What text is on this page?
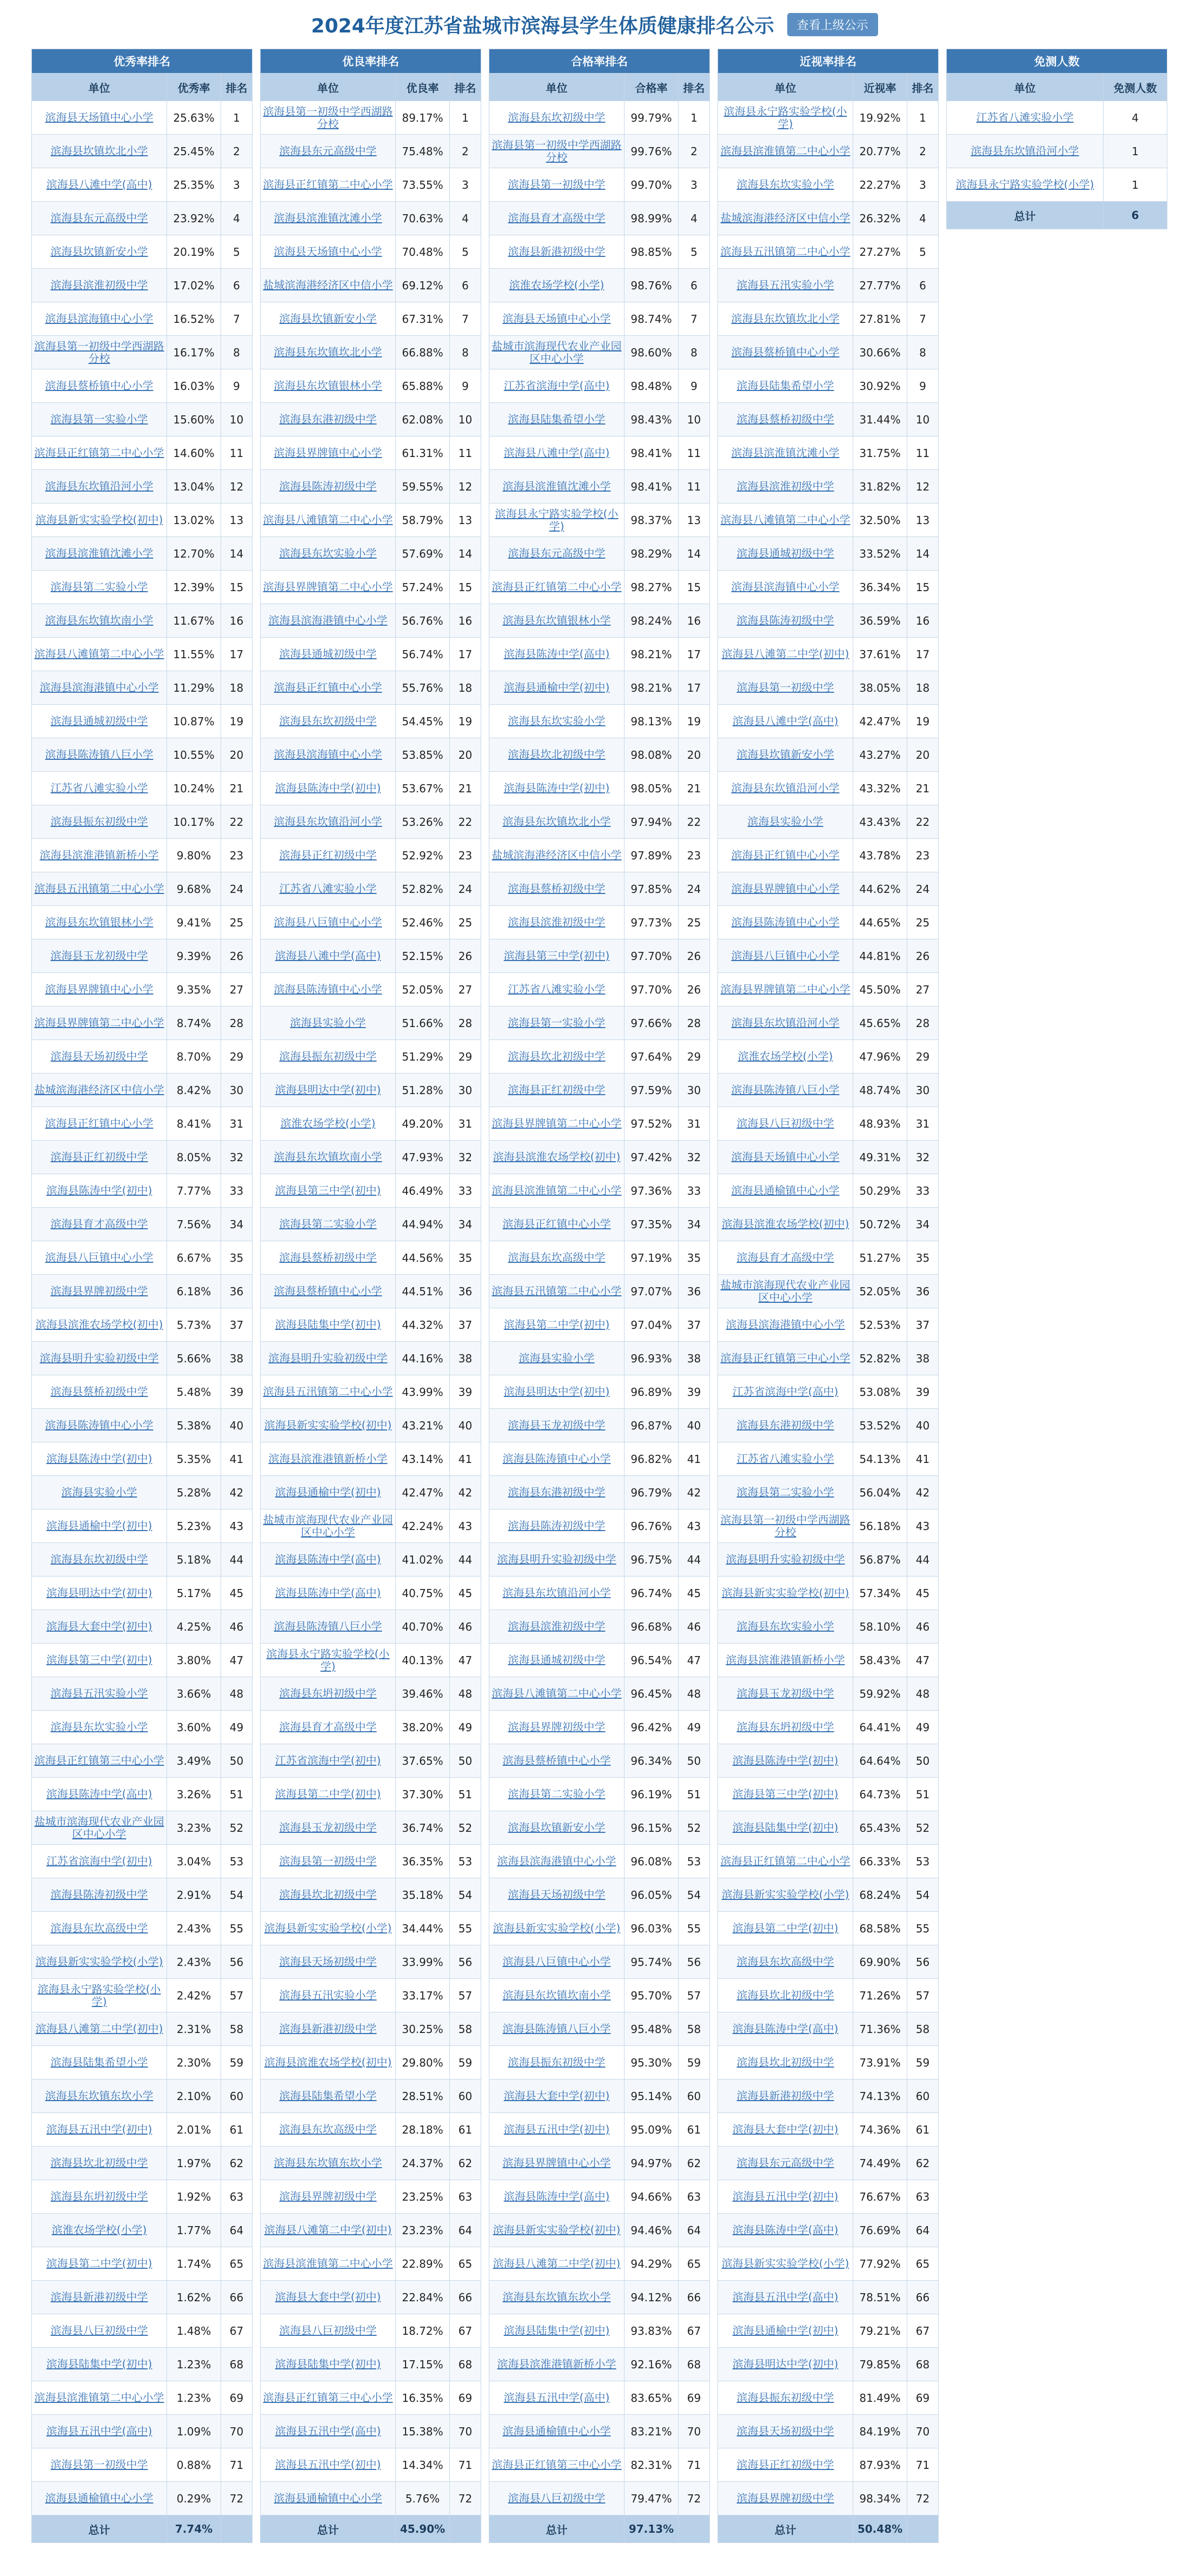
2024年度江苏省盐城市滨海县学生体质健康排名公示	查看上级公示
优秀率排名		
单位	优秀率	排名
滨海县天场镇中心小学	25.63%	1
滨海县坎镇坎北小学	25.45%	2
滨海县八滩中学(高中)	25.35%	3
滨海县东元高级中学	23.92%	4
滨海县坎镇新安小学	20.19%	5
滨海县滨淮初级中学	17.02%	6
滨海县滨海镇中心小学	16.52%	7
滨海县第一初级中学西湖路分校	16.17%	8
滨海县蔡桥镇中心小学	16.03%	9
滨海县第一实验小学	15.60%	10
滨海县正红镇第二中心小学	14.60%	11
滨海县东坎镇沿河小学	13.04%	12
滨海县新实实验学校(初中)	13.02%	13
滨海县滨淮镇沈滩小学	12.70%	14
滨海县第二实验小学	12.39%	15
滨海县东坎镇坎南小学	11.67%	16
滨海县八滩镇第二中心小学	11.55%	17
滨海县滨海港镇中心小学	11.29%	18
滨海县通城初级中学	10.87%	19
滨海县陈涛镇八巨小学	10.55%	20
江苏省八滩实验小学	10.24%	21
滨海县振东初级中学	10.17%	22
滨海县滨淮港镇新桥小学	9.80%	23
滨海县五汛镇第二中心小学	9.68%	24
滨海县东坎镇银林小学	9.41%	25
滨海县玉龙初级中学	9.39%	26
滨海县界牌镇中心小学	9.35%	27
滨海县界牌镇第二中心小学	8.74%	28
滨海县天场初级中学	8.70%	29
盐城滨海港经济区中信小学	8.42%	30
滨海县正红镇中心小学	8.41%	31
滨海县正红初级中学	8.05%	32
滨海县陈涛中学(初中)	7.77%	33
滨海县育才高级中学	7.56%	34
滨海县八巨镇中心小学	6.67%	35
滨海县界牌初级中学	6.18%	36
滨海县滨淮农场学校(初中)	5.73%	37
滨海县明升实验初级中学	5.66%	38
滨海县蔡桥初级中学	5.48%	39
滨海县陈涛镇中心小学	5.38%	40
滨海县陈涛中学(初中)	5.35%	41
滨海县实验小学	5.28%	42
滨海县通榆中学(初中)	5.23%	43
滨海县东坎初级中学	5.18%	44
滨海县明达中学(初中)	5.17%	45
滨海县大套中学(初中)	4.25%	46
滨海县第三中学(初中)	3.80%	47
滨海县五汛实验小学	3.66%	48
滨海县东坎实验小学	3.60%	49
滨海县正红镇第三中心小学	3.49%	50
滨海县陈涛中学(高中)	3.26%	51
盐城市滨海现代农业产业园区中心小学	3.23%	52
江苏省滨海中学(初中)	3.04%	53
滨海县陈涛初级中学	2.91%	54
滨海县东坎高级中学	2.43%	55
滨海县新实实验学校(小学)	2.43%	56
滨海县永宁路实验学校(小学)	2.42%	57
滨海县八滩第二中学(初中)	2.31%	58
滨海县陆集希望小学	2.30%	59
滨海县东坎镇东坎小学	2.10%	60
滨海县五汛中学(初中)	2.01%	61
滨海县坎北初级中学	1.97%	62
滨海县东坍初级中学	1.92%	63
滨淮农场学校(小学)	1.77%	64
滨海县第二中学(初中)	1.74%	65
滨海县新港初级中学	1.62%	66
滨海县八巨初级中学	1.48%	67
滨海县陆集中学(初中)	1.23%	68
滨海县滨淮镇第二中心小学	1.23%	69
滨海县五汛中学(高中)	1.09%	70
滨海县第一初级中学	0.88%	71
滨海县通榆镇中心小学	0.29%	72
总计	7.74%	
优良率排名		
单位	优良率	排名
滨海县第一初级中学西湖路分校	89.17%	1
滨海县东元高级中学	75.48%	2
滨海县正红镇第二中心小学	73.55%	3
滨海县滨淮镇沈滩小学	70.63%	4
滨海县天场镇中心小学	70.48%	5
盐城滨海港经济区中信小学	69.12%	6
滨海县坎镇新安小学	67.31%	7
滨海县东坎镇坎北小学	66.88%	8
滨海县东坎镇银林小学	65.88%	9
滨海县东港初级中学	62.08%	10
滨海县界牌镇中心小学	61.31%	11
滨海县陈涛初级中学	59.55%	12
滨海县八滩镇第二中心小学	58.79%	13
滨海县东坎实验小学	57.69%	14
滨海县界牌镇第二中心小学	57.24%	15
滨海县滨海港镇中心小学	56.76%	16
滨海县通城初级中学	56.74%	17
滨海县正红镇中心小学	55.76%	18
滨海县东坎初级中学	54.45%	19
滨海县滨海镇中心小学	53.85%	20
滨海县陈涛中学(初中)	53.67%	21
滨海县东坎镇沿河小学	53.26%	22
滨海县正红初级中学	52.92%	23
江苏省八滩实验小学	52.82%	24
滨海县八巨镇中心小学	52.46%	25
滨海县八滩中学(高中)	52.15%	26
滨海县陈涛镇中心小学	52.05%	27
滨海县实验小学	51.66%	28
滨海县振东初级中学	51.29%	29
滨海县明达中学(初中)	51.28%	30
滨淮农场学校(小学)	49.20%	31
滨海县东坎镇坎南小学	47.93%	32
滨海县第三中学(初中)	46.49%	33
滨海县第二实验小学	44.94%	34
滨海县蔡桥初级中学	44.56%	35
滨海县蔡桥镇中心小学	44.51%	36
滨海县陆集中学(初中)	44.32%	37
滨海县明升实验初级中学	44.16%	38
滨海县五汛镇第二中心小学	43.99%	39
滨海县新实实验学校(初中)	43.21%	40
滨海县滨淮港镇新桥小学	43.14%	41
滨海县通榆中学(初中)	42.47%	42
盐城市滨海现代农业产业园区中心小学	42.24%	43
滨海县陈涛中学(高中)	41.02%	44
滨海县陈涛中学(高中)	40.75%	45
滨海县陈涛镇八巨小学	40.70%	46
滨海县永宁路实验学校(小学)	40.13%	47
滨海县东坍初级中学	39.46%	48
滨海县育才高级中学	38.20%	49
江苏省滨海中学(初中)	37.65%	50
滨海县第二中学(初中)	37.30%	51
滨海县玉龙初级中学	36.74%	52
滨海县第一初级中学	36.35%	53
滨海县坎北初级中学	35.18%	54
滨海县新实实验学校(小学)	34.44%	55
滨海县天场初级中学	33.99%	56
滨海县五汛实验小学	33.17%	57
滨海县新港初级中学	30.25%	58
滨海县滨淮农场学校(初中)	29.80%	59
滨海县陆集希望小学	28.51%	60
滨海县东坎高级中学	28.18%	61
滨海县东坎镇东坎小学	24.37%	62
滨海县界牌初级中学	23.25%	63
滨海县八滩第二中学(初中)	23.23%	64
滨海县滨淮镇第二中心小学	22.89%	65
滨海县大套中学(初中)	22.84%	66
滨海县八巨初级中学	18.72%	67
滨海县陆集中学(初中)	17.15%	68
滨海县正红镇第三中心小学	16.35%	69
滨海县五汛中学(高中)	15.38%	70
滨海县五汛中学(初中)	14.34%	71
滨海县通榆镇中心小学	5.76%	72
总计	45.90%	
合格率排名		
单位	合格率	排名
滨海县东坎初级中学	99.79%	1
滨海县第一初级中学西湖路分校	99.76%	2
滨海县第一初级中学	99.70%	3
滨海县育才高级中学	98.99%	4
滨海县新港初级中学	98.85%	5
滨淮农场学校(小学)	98.76%	6
滨海县天场镇中心小学	98.74%	7
盐城市滨海现代农业产业园区中心小学	98.60%	8
江苏省滨海中学(高中)	98.48%	9
滨海县陆集希望小学	98.43%	10
滨海县八滩中学(高中)	98.41%	11
滨海县滨淮镇沈滩小学	98.41%	11
滨海县永宁路实验学校(小学)	98.37%	13
滨海县东元高级中学	98.29%	14
滨海县正红镇第二中心小学	98.27%	15
滨海县东坎镇银林小学	98.24%	16
滨海县陈涛中学(高中)	98.21%	17
滨海县通榆中学(初中)	98.21%	17
滨海县东坎实验小学	98.13%	19
滨海县坎北初级中学	98.08%	20
滨海县陈涛中学(初中)	98.05%	21
滨海县东坎镇坎北小学	97.94%	22
盐城滨海港经济区中信小学	97.89%	23
滨海县蔡桥初级中学	97.85%	24
滨海县滨淮初级中学	97.73%	25
滨海县第三中学(初中)	97.70%	26
江苏省八滩实验小学	97.70%	26
滨海县第一实验小学	97.66%	28
滨海县坎北初级中学	97.64%	29
滨海县正红初级中学	97.59%	30
滨海县界牌镇第二中心小学	97.52%	31
滨海县滨淮农场学校(初中)	97.42%	32
滨海县滨淮镇第二中心小学	97.36%	33
滨海县正红镇中心小学	97.35%	34
滨海县东坎高级中学	97.19%	35
滨海县五汛镇第二中心小学	97.07%	36
滨海县第二中学(初中)	97.04%	37
滨海县实验小学	96.93%	38
滨海县明达中学(初中)	96.89%	39
滨海县玉龙初级中学	96.87%	40
滨海县陈涛镇中心小学	96.82%	41
滨海县东港初级中学	96.79%	42
滨海县陈涛初级中学	96.76%	43
滨海县明升实验初级中学	96.75%	44
滨海县东坎镇沿河小学	96.74%	45
滨海县滨淮初级中学	96.68%	46
滨海县通城初级中学	96.54%	47
滨海县八滩镇第二中心小学	96.45%	48
滨海县界牌初级中学	96.42%	49
滨海县蔡桥镇中心小学	96.34%	50
滨海县第二实验小学	96.19%	51
滨海县坎镇新安小学	96.15%	52
滨海县滨海港镇中心小学	96.08%	53
滨海县天场初级中学	96.05%	54
滨海县新实实验学校(小学)	96.03%	55
滨海县八巨镇中心小学	95.74%	56
滨海县东坎镇坎南小学	95.70%	57
滨海县陈涛镇八巨小学	95.48%	58
滨海县振东初级中学	95.30%	59
滨海县大套中学(初中)	95.14%	60
滨海县五汛中学(初中)	95.09%	61
滨海县界牌镇中心小学	94.97%	62
滨海县陈涛中学(高中)	94.66%	63
滨海县新实实验学校(初中)	94.46%	64
滨海县八滩第二中学(初中)	94.29%	65
滨海县东坎镇东坎小学	94.12%	66
滨海县陆集中学(初中)	93.83%	67
滨海县滨淮港镇新桥小学	92.16%	68
滨海县五汛中学(高中)	83.65%	69
滨海县通榆镇中心小学	83.21%	70
滨海县正红镇第三中心小学	82.31%	71
滨海县八巨初级中学	79.47%	72
总计	97.13%	
近视率排名		
单位	近视率	排名
滨海县永宁路实验学校(小学)	19.92%	1
滨海县滨淮镇第二中心小学	20.77%	2
滨海县东坎实验小学	22.27%	3
盐城滨海港经济区中信小学	26.32%	4
滨海县五汛镇第二中心小学	27.27%	5
滨海县五汛实验小学	27.77%	6
滨海县东坎镇坎北小学	27.81%	7
滨海县蔡桥镇中心小学	30.66%	8
滨海县陆集希望小学	30.92%	9
滨海县蔡桥初级中学	31.44%	10
滨海县滨淮镇沈滩小学	31.75%	11
滨海县滨淮初级中学	31.82%	12
滨海县八滩镇第二中心小学	32.50%	13
滨海县通城初级中学	33.52%	14
滨海县滨海镇中心小学	36.34%	15
滨海县陈涛初级中学	36.59%	16
滨海县八滩第二中学(初中)	37.61%	17
滨海县第一初级中学	38.05%	18
滨海县八滩中学(高中)	42.47%	19
滨海县坎镇新安小学	43.27%	20
滨海县东坎镇沿河小学	43.32%	21
滨海县实验小学	43.43%	22
滨海县正红镇中心小学	43.78%	23
滨海县界牌镇中心小学	44.62%	24
滨海县陈涛镇中心小学	44.65%	25
滨海县八巨镇中心小学	44.81%	26
滨海县界牌镇第二中心小学	45.50%	27
滨海县东坎镇沿河小学	45.65%	28
滨淮农场学校(小学)	47.96%	29
滨海县陈涛镇八巨小学	48.74%	30
滨海县八巨初级中学	48.93%	31
滨海县天场镇中心小学	49.31%	32
滨海县通榆镇中心小学	50.29%	33
滨海县滨淮农场学校(初中)	50.72%	34
滨海县育才高级中学	51.27%	35
盐城市滨海现代农业产业园区中心小学	52.05%	36
滨海县滨海港镇中心小学	52.53%	37
滨海县正红镇第三中心小学	52.82%	38
江苏省滨海中学(高中)	53.08%	39
滨海县东港初级中学	53.52%	40
江苏省八滩实验小学	54.13%	41
滨海县第二实验小学	56.04%	42
滨海县第一初级中学西湖路分校	56.18%	43
滨海县明升实验初级中学	56.87%	44
滨海县新实实验学校(初中)	57.34%	45
滨海县东坎实验小学	58.10%	46
滨海县滨淮港镇新桥小学	58.43%	47
滨海县玉龙初级中学	59.92%	48
滨海县东坍初级中学	64.41%	49
滨海县陈涛中学(初中)	64.64%	50
滨海县第三中学(初中)	64.73%	51
滨海县陆集中学(初中)	65.43%	52
滨海县正红镇第二中心小学	66.33%	53
滨海县新实实验学校(小学)	68.24%	54
滨海县第二中学(初中)	68.58%	55
滨海县东坎高级中学	69.90%	56
滨海县坎北初级中学	71.26%	57
滨海县陈涛中学(高中)	71.36%	58
滨海县坎北初级中学	73.91%	59
滨海县新港初级中学	74.13%	60
滨海县大套中学(初中)	74.36%	61
滨海县东元高级中学	74.49%	62
滨海县五汛中学(初中)	76.67%	63
滨海县陈涛中学(高中)	76.69%	64
滨海县新实实验学校(小学)	77.92%	65
滨海县五汛中学(高中)	78.51%	66
滨海县通榆中学(初中)	79.21%	67
滨海县明达中学(初中)	79.85%	68
滨海县振东初级中学	81.49%	69
滨海县天场初级中学	84.19%	70
滨海县正红初级中学	87.93%	71
滨海县界牌初级中学	98.34%	72
总计	50.48%	
免测人数	
单位	免测人数
江苏省八滩实验小学	4
滨海县东坎镇沿河小学	1
滨海县永宁路实验学校(小学)	1
总计	6
